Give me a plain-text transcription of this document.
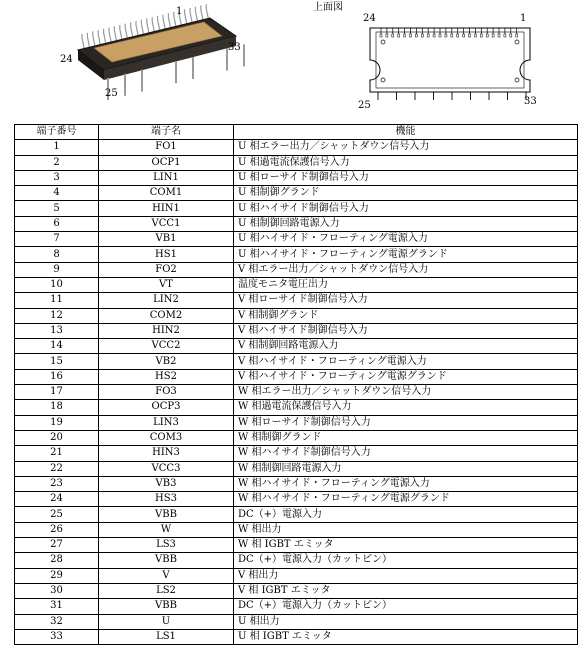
1
24
25
33
上面図
24	1
25	33
端子番号	端子名	機能
1	FO1	U 相エラー出力／シャットダウン信号入力
2	OCP1	U 相過電流保護信号入力
3	LIN1	U 相ローサイド制御信号入力
4	COM1	U 相制御グランド
5	HIN1	U 相ハイサイド制御信号入力
6	VCC1	U 相制御回路電源入力
7	VB1	U 相ハイサイド・フローティング電源入力
8	HS1	U 相ハイサイド・フローティング電源グランド
9	FO2	V 相エラー出力／シャットダウン信号入力
10	VT	温度モニタ電圧出力
11	LIN2	V 相ローサイド制御信号入力
12	COM2	V 相制御グランド
13	HIN2	V 相ハイサイド制御信号入力
14	VCC2	V 相制御回路電源入力
15	VB2	V 相ハイサイド・フローティング電源入力
16	HS2	V 相ハイサイド・フローティング電源グランド
17	FO3	W 相エラー出力／シャットダウン信号入力
18	OCP3	W 相過電流保護信号入力
19	LIN3	W 相ローサイド制御信号入力
20	COM3	W 相制御グランド
21	HIN3	W 相ハイサイド制御信号入力
22	VCC3	W 相制御回路電源入力
23	VB3	W 相ハイサイド・フローティング電源入力
24	HS3	W 相ハイサイド・フローティング電源グランド
25	VBB	DC（+）電源入力
26	W	W 相出力
27	LS3	W 相 IGBT エミッタ
28	VBB	DC（+）電源入力（カットピン）
29	V	V 相出力
30	LS2	V 相 IGBT エミッタ
31	VBB	DC（+）電源入力（カットピン）
32	U	U 相出力
33	LS1	U 相 IGBT エミッタ
